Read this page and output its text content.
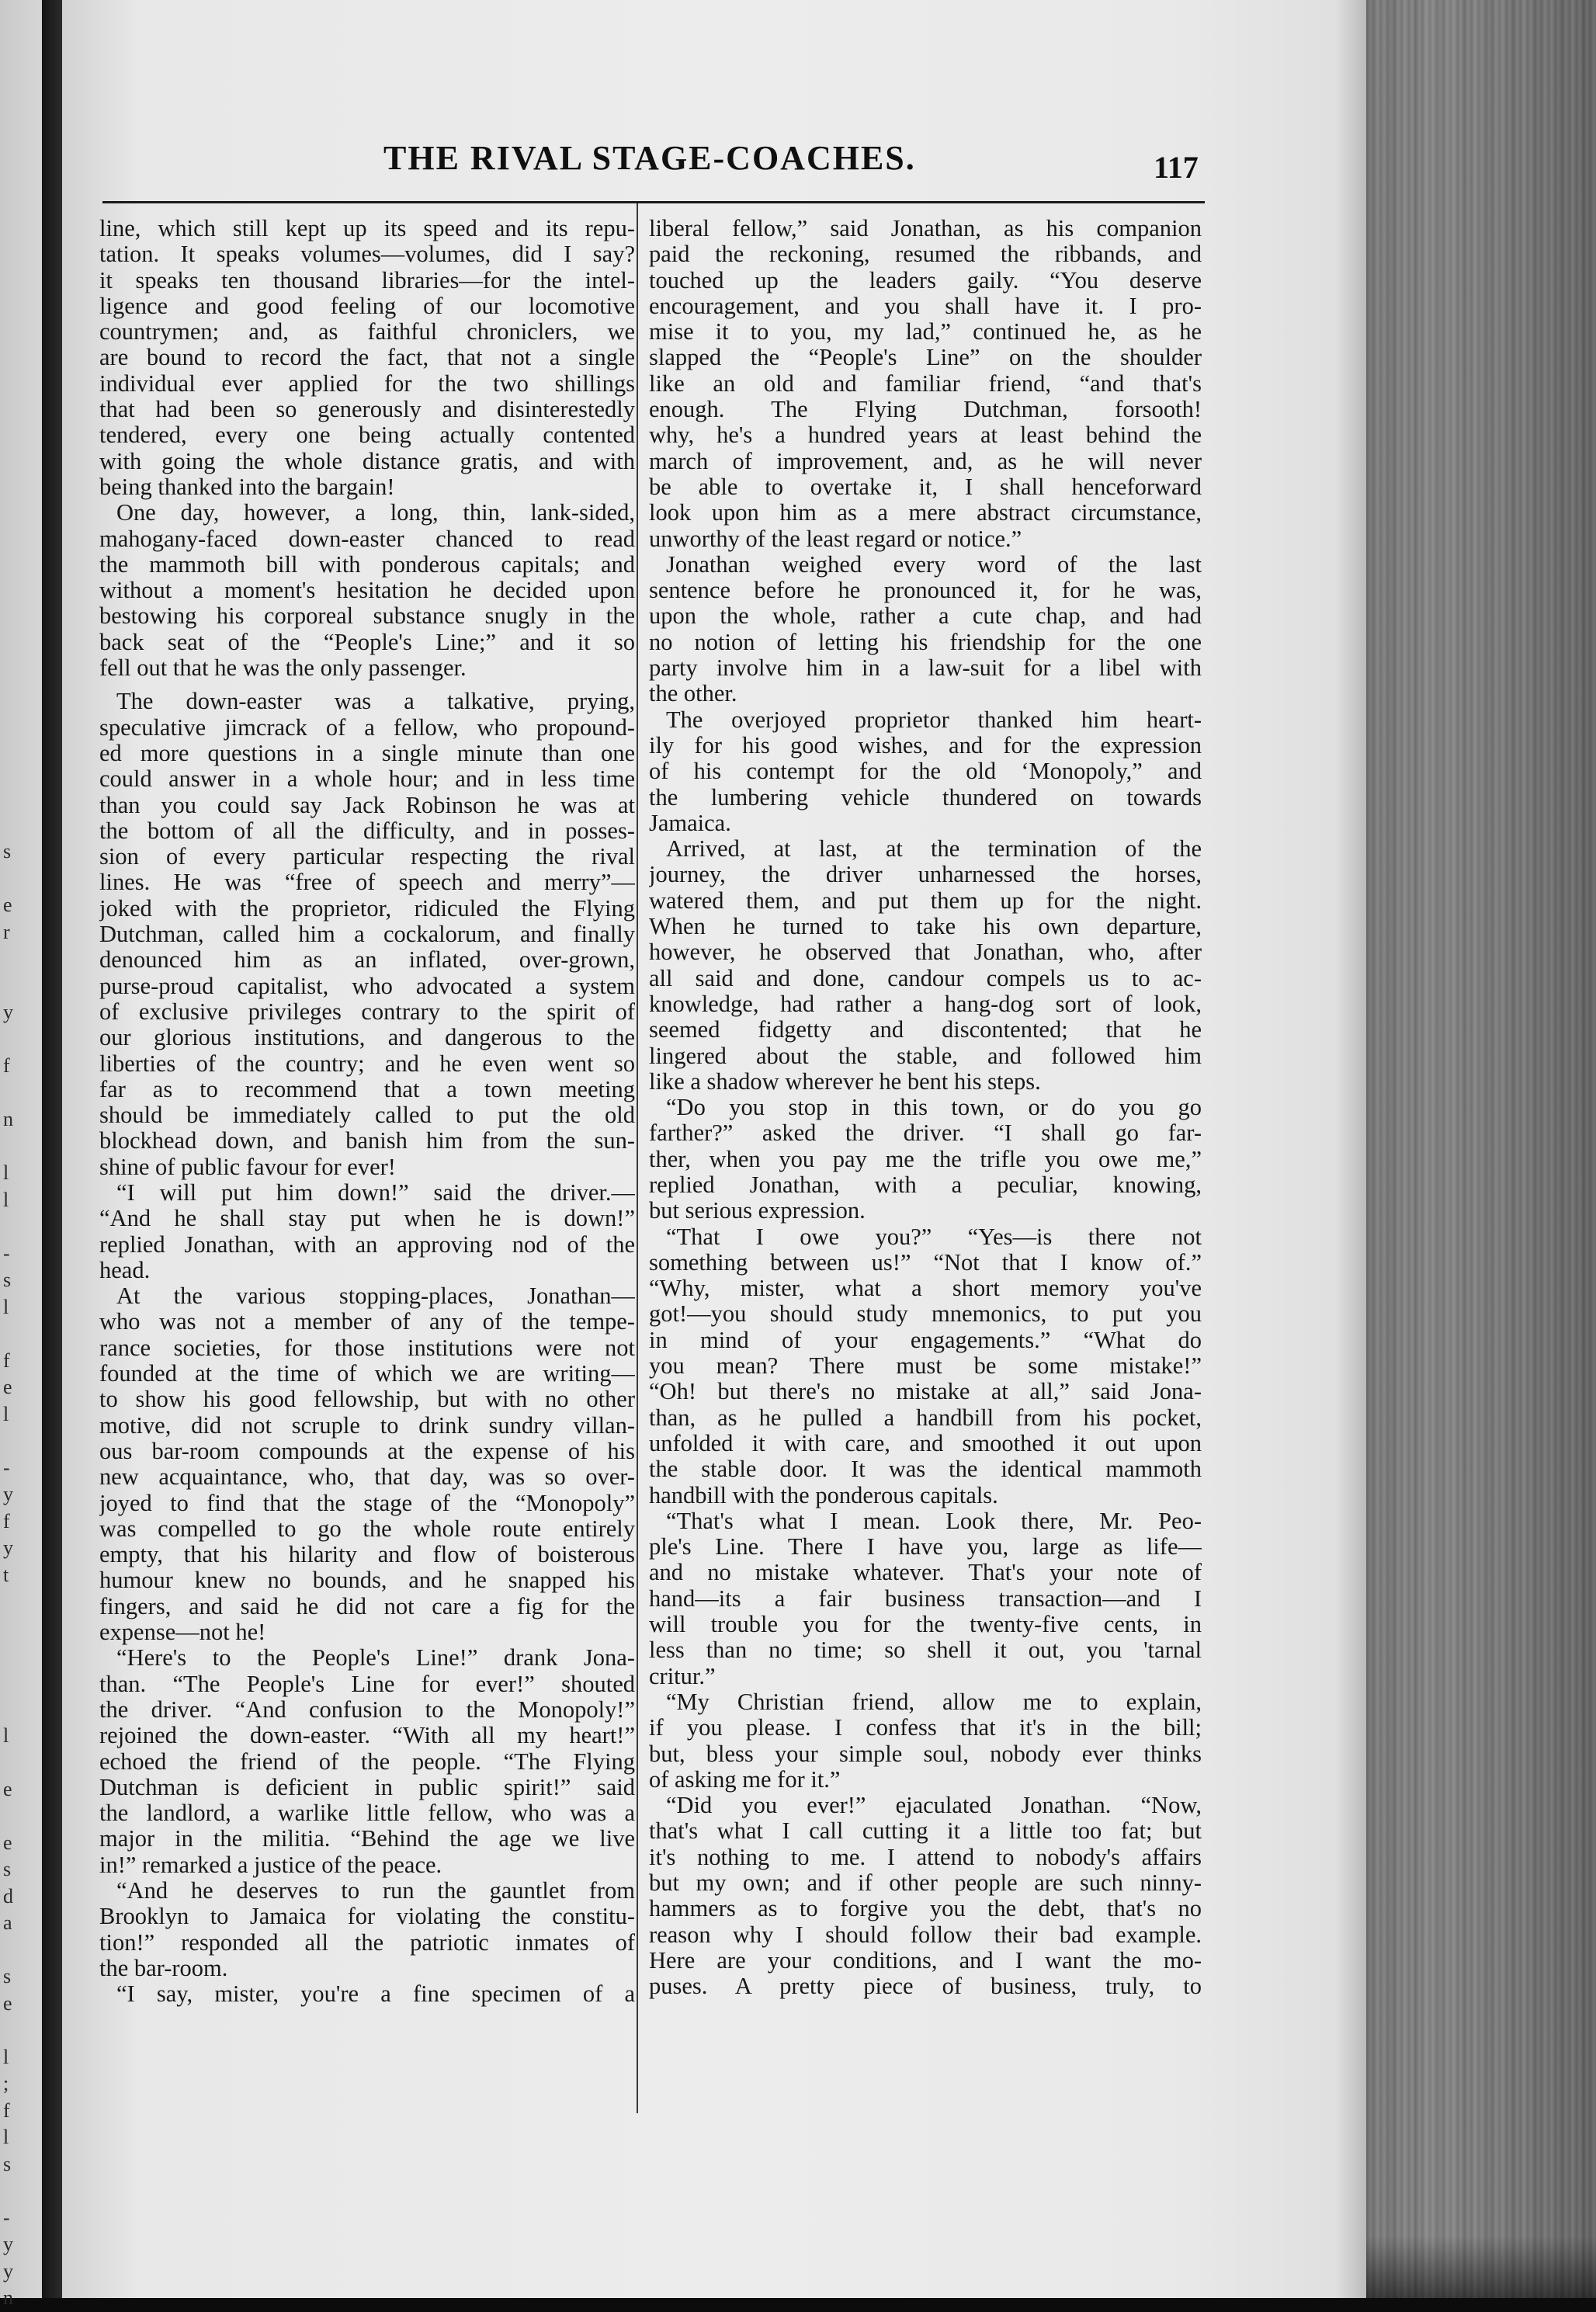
s
e
r
y
f
n
l
l
-
s
l
f
e
l
-
y
f
y
t
l
e
e
s
d
a
s
e
l
;
f
l
s
-
y
y
n
THE RIVAL STAGE-COACHES.	117
line, which still kept up its speed and its repu-
tation. It speaks volumes—volumes, did I say?
it speaks ten thousand libraries—for the intel-
ligence and good feeling of our locomotive
countrymen; and, as faithful chroniclers, we
are bound to record the fact, that not a single
individual ever applied for the two shillings
that had been so generously and disinterestedly
tendered, every one being actually contented
with going the whole distance gratis, and with
being thanked into the bargain!
One day, however, a long, thin, lank-sided,
mahogany-faced down-easter chanced to read
the mammoth bill with ponderous capitals; and
without a moment's hesitation he decided upon
bestowing his corporeal substance snugly in the
back seat of the “People's Line;” and it so
fell out that he was the only passenger.
The down-easter was a talkative, prying,
speculative jimcrack of a fellow, who propound-
ed more questions in a single minute than one
could answer in a whole hour; and in less time
than you could say Jack Robinson he was at
the bottom of all the difficulty, and in posses-
sion of every particular respecting the rival
lines. He was “free of speech and merry”—
joked with the proprietor, ridiculed the Flying
Dutchman, called him a cockalorum, and finally
denounced him as an inflated, over-grown,
purse-proud capitalist, who advocated a system
of exclusive privileges contrary to the spirit of
our glorious institutions, and dangerous to the
liberties of the country; and he even went so
far as to recommend that a town meeting
should be immediately called to put the old
blockhead down, and banish him from the sun-
shine of public favour for ever!
“I will put him down!” said the driver.—
“And he shall stay put when he is down!”
replied Jonathan, with an approving nod of the
head.
At the various stopping-places, Jonathan—
who was not a member of any of the tempe-
rance societies, for those institutions were not
founded at the time of which we are writing—
to show his good fellowship, but with no other
motive, did not scruple to drink sundry villan-
ous bar-room compounds at the expense of his
new acquaintance, who, that day, was so over-
joyed to find that the stage of the “Monopoly”
was compelled to go the whole route entirely
empty, that his hilarity and flow of boisterous
humour knew no bounds, and he snapped his
fingers, and said he did not care a fig for the
expense—not he!
“Here's to the People's Line!” drank Jona-
than. “The People's Line for ever!” shouted
the driver. “And confusion to the Monopoly!”
rejoined the down-easter. “With all my heart!”
echoed the friend of the people. “The Flying
Dutchman is deficient in public spirit!” said
the landlord, a warlike little fellow, who was a
major in the militia. “Behind the age we live
in!” remarked a justice of the peace.
“And he deserves to run the gauntlet from
Brooklyn to Jamaica for violating the constitu-
tion!” responded all the patriotic inmates of
the bar-room.
“I say, mister, you're a fine specimen of a
liberal fellow,” said Jonathan, as his companion
paid the reckoning, resumed the ribbands, and
touched up the leaders gaily. “You deserve
encouragement, and you shall have it. I pro-
mise it to you, my lad,” continued he, as he
slapped the “People's Line” on the shoulder
like an old and familiar friend, “and that's
enough. The Flying Dutchman, forsooth!
why, he's a hundred years at least behind the
march of improvement, and, as he will never
be able to overtake it, I shall henceforward
look upon him as a mere abstract circumstance,
unworthy of the least regard or notice.”
Jonathan weighed every word of the last
sentence before he pronounced it, for he was,
upon the whole, rather a cute chap, and had
no notion of letting his friendship for the one
party involve him in a law-suit for a libel with
the other.
The overjoyed proprietor thanked him heart-
ily for his good wishes, and for the expression
of his contempt for the old ‘Monopoly,” and
the lumbering vehicle thundered on towards
Jamaica.
Arrived, at last, at the termination of the
journey, the driver unharnessed the horses,
watered them, and put them up for the night.
When he turned to take his own departure,
however, he observed that Jonathan, who, after
all said and done, candour compels us to ac-
knowledge, had rather a hang-dog sort of look,
seemed fidgetty and discontented; that he
lingered about the stable, and followed him
like a shadow wherever he bent his steps.
“Do you stop in this town, or do you go
farther?” asked the driver. “I shall go far-
ther, when you pay me the trifle you owe me,”
replied Jonathan, with a peculiar, knowing,
but serious expression.
“That I owe you?” “Yes—is there not
something between us!” “Not that I know of.”
“Why, mister, what a short memory you've
got!—you should study mnemonics, to put you
in mind of your engagements.” “What do
you mean? There must be some mistake!”
“Oh! but there's no mistake at all,” said Jona-
than, as he pulled a handbill from his pocket,
unfolded it with care, and smoothed it out upon
the stable door. It was the identical mammoth
handbill with the ponderous capitals.
“That's what I mean. Look there, Mr. Peo-
ple's Line. There I have you, large as life—
and no mistake whatever. That's your note of
hand—its a fair business transaction—and I
will trouble you for the twenty-five cents, in
less than no time; so shell it out, you 'tarnal
critur.”
“My Christian friend, allow me to explain,
if you please. I confess that it's in the bill;
but, bless your simple soul, nobody ever thinks
of asking me for it.”
“Did you ever!” ejaculated Jonathan. “Now,
that's what I call cutting it a little too fat; but
it's nothing to me. I attend to nobody's affairs
but my own; and if other people are such ninny-
hammers as to forgive you the debt, that's no
reason why I should follow their bad example.
Here are your conditions, and I want the mo-
puses. A pretty piece of business, truly, to
